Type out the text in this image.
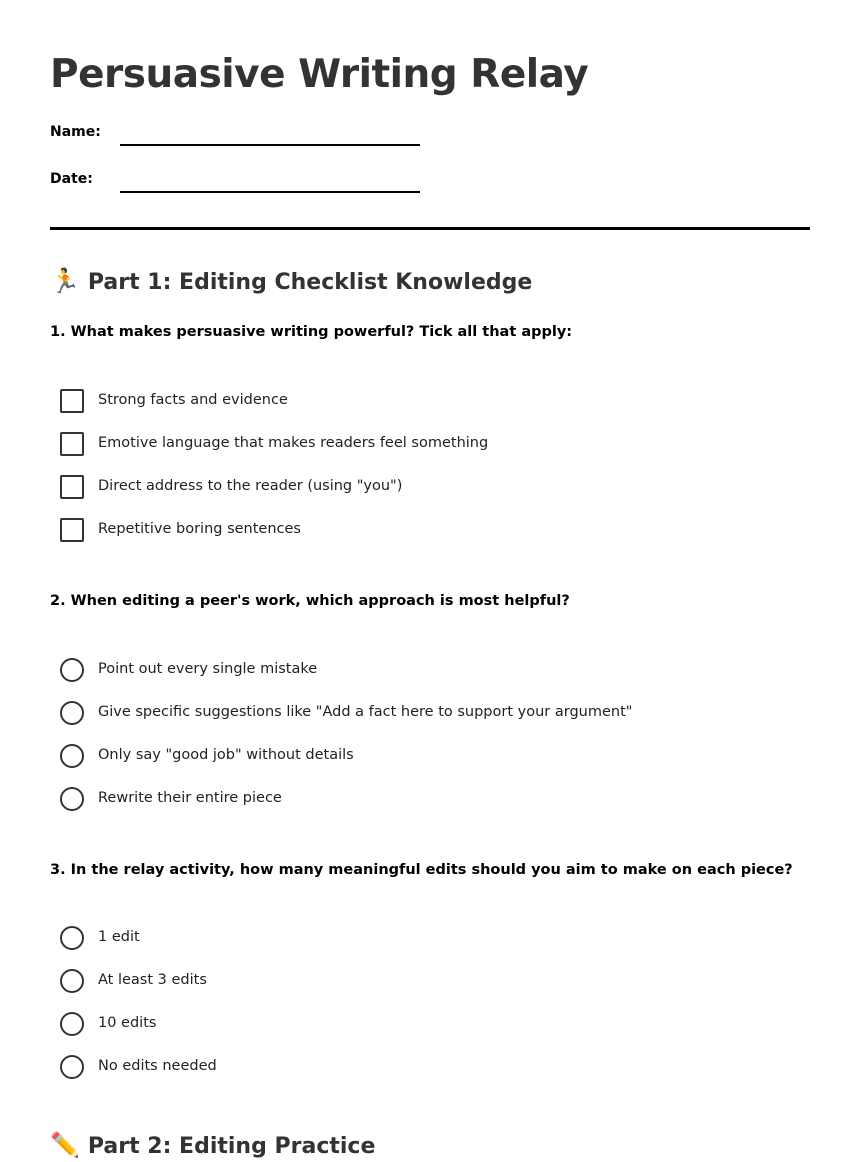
Persuasive Writing Relay
Name:
Date:
🏃 Part 1: Editing Checklist Knowledge

1. What makes persuasive writing powerful? Tick all that apply:

Strong facts and evidence
Emotive language that makes readers feel something
Direct address to the reader (using "you")
Repetitive boring sentences

2. When editing a peer's work, which approach is most helpful?

Point out every single mistake
Give specific suggestions like "Add a fact here to support your argument"
Only say "good job" without details
Rewrite their entire piece

3. In the relay activity, how many meaningful edits should you aim to make on each piece?

1 edit
At least 3 edits
10 edits
No edits needed
✏️ Part 2: Editing Practice
